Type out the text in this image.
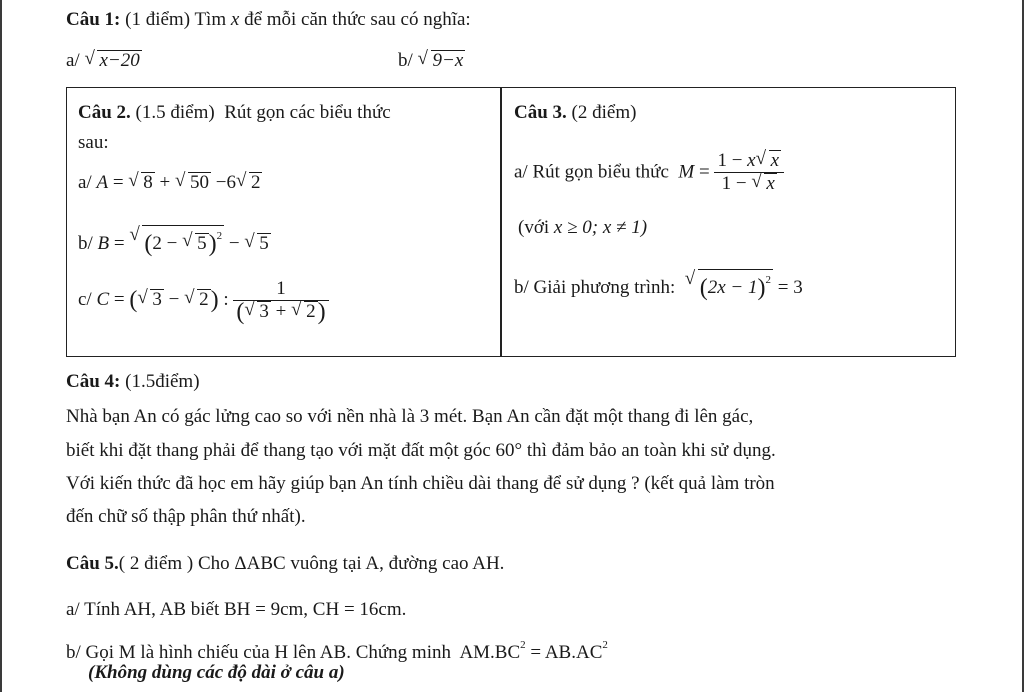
Câu 1: (1 điểm) Tìm x để mỗi căn thức sau có nghĩa:
a/ √ x−20	b/ √ 9−x
Câu 2. (1.5 điểm) Rút gọn các biểu thức
sau:
a/ A = √ 8 + √ 50 −6 √ 2
b/ B = √ (2 − √ 5)$^2$ − √ 5
c/ C = ( √ 3 − √ 2) : $\frac{1}{( √ 3 + √ 2)}$
Câu 3. (2 điểm)
a/ Rút gọn biểu thức $M = \frac{1 - x √ x}{1 - √ x}$
(với x ≥ 0; x ≠ 1)
b/ Giải phương trình: √ $(2x - 1)^2 = 3$
Câu 4: (1.5điểm)
Nhà bạn An có gác lửng cao so với nền nhà là 3 mét. Bạn An cần đặt một thang đi lên gác,
biết khi đặt thang phải để thang tạo với mặt đất một góc 60° thì đảm bảo an toàn khi sử dụng.
Với kiến thức đã học em hãy giúp bạn An tính chiều dài thang để sử dụng ? (kết quả làm tròn
đến chữ số thập phân thứ nhất).
Câu 5.( 2 điểm ) Cho ΔABC vuông tại A, đường cao AH.
a/ Tính AH, AB biết BH = 9cm, CH = 16cm.
b/ Gọi M là hình chiếu của H lên AB. Chứng minh $AM.BC^2 = AB.AC^2$
(Không dùng các độ dài ở câu a)
